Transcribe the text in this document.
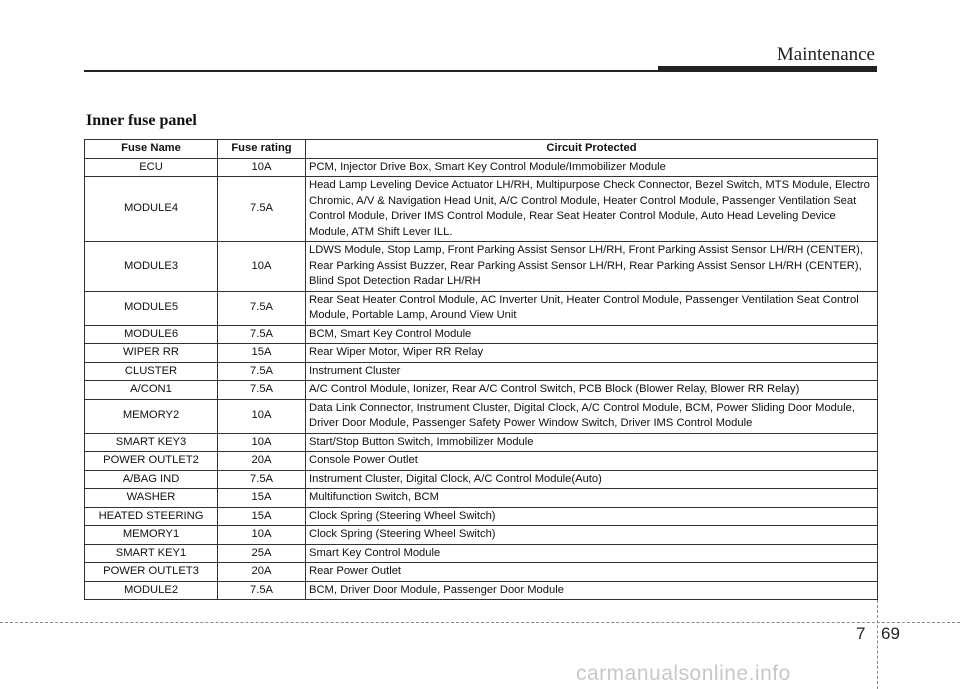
Maintenance
Inner fuse panel
Fuse Name	Fuse rating	Circuit Protected
ECU	10A	PCM, Injector Drive Box, Smart Key Control Module/Immobilizer Module
MODULE4	7.5A	Head Lamp Leveling Device Actuator LH/RH, Multipurpose Check Connector, Bezel Switch, MTS Module, Electro Chromic, A/V & Navigation Head Unit, A/C Control Module, Heater Control Module, Passenger Ventilation Seat Control Module, Driver IMS Control Module, Rear Seat Heater Control Module, Auto Head Leveling Device Module, ATM Shift Lever ILL.
MODULE3	10A	LDWS Module, Stop Lamp, Front Parking Assist Sensor LH/RH, Front Parking Assist Sensor LH/RH (CENTER), Rear Parking Assist Buzzer, Rear Parking Assist Sensor LH/RH, Rear Parking Assist Sensor LH/RH (CENTER), Blind Spot Detection Radar LH/RH
MODULE5	7.5A	Rear Seat Heater Control Module, AC Inverter Unit, Heater Control Module, Passenger Ventilation Seat Control Module, Portable Lamp, Around View Unit
MODULE6	7.5A	BCM, Smart Key Control Module
WIPER RR	15A	Rear Wiper Motor, Wiper RR Relay
CLUSTER	7.5A	Instrument Cluster
A/CON1	7.5A	A/C Control Module, Ionizer, Rear A/C Control Switch, PCB Block (Blower Relay, Blower RR Relay)
MEMORY2	10A	Data Link Connector, Instrument Cluster, Digital Clock, A/C Control Module, BCM, Power Sliding Door Module, Driver Door Module, Passenger Safety Power Window Switch, Driver IMS Control Module
SMART KEY3	10A	Start/Stop Button Switch, Immobilizer Module
POWER OUTLET2	20A	Console Power Outlet
A/BAG IND	7.5A	Instrument Cluster, Digital Clock, A/C Control Module(Auto)
WASHER	15A	Multifunction Switch, BCM
HEATED STEERING	15A	Clock Spring (Steering Wheel Switch)
MEMORY1	10A	Clock Spring (Steering Wheel Switch)
SMART KEY1	25A	Smart Key Control Module
POWER OUTLET3	20A	Rear Power Outlet
MODULE2	7.5A	BCM, Driver Door Module, Passenger Door Module
7 69
carmanualsonline.info
